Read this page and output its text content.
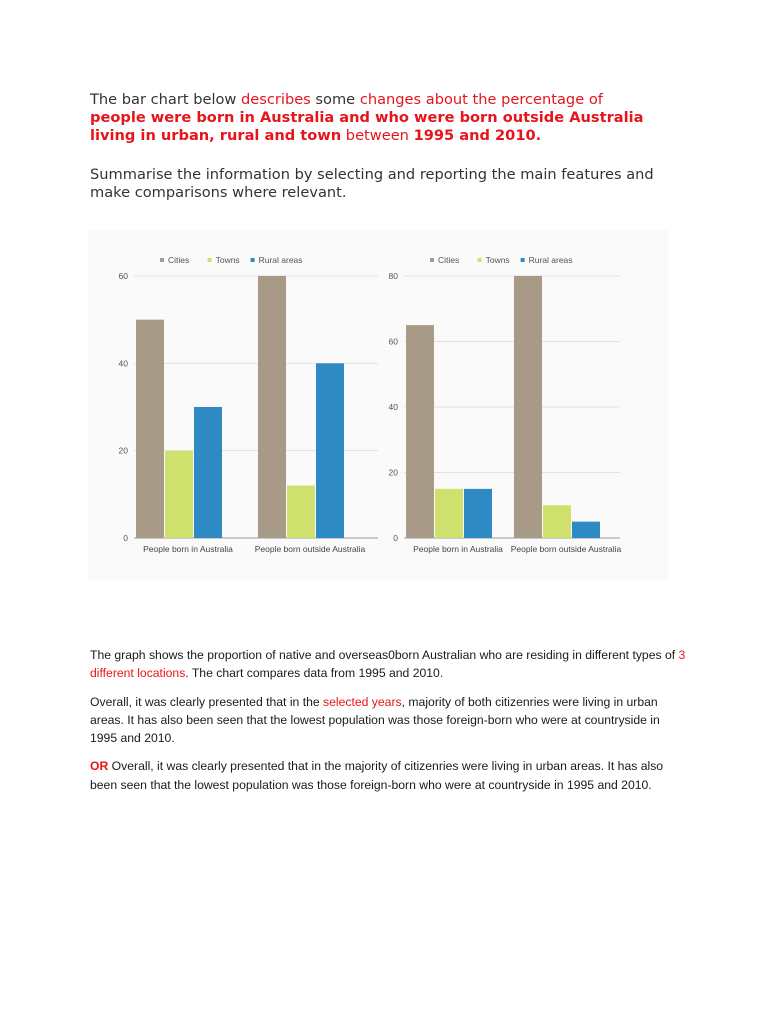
The bar chart below describes some changes about the percentage of
people were born in Australia and who were born outside Australia living in urban, rural and town between 1995 and 2010.
Summarise the information by selecting and reporting the main features and make comparisons where relevant.
0
20
40
60
Cities	Towns Rural areas
People born in Australia	People born outside Australia
0
20
40
60
80
Cities	Towns Rural areas
People born in Australia People born outside Australia

The graph shows the proportion of native and overseas0born Australian who are residing in different types of 3 different locations. The chart compares data from 1995 and 2010.

Overall, it was clearly presented that in the selected years, majority of both citizenries were living in urban areas. It has also been seen that the lowest population was those foreign-born who were at countryside in 1995 and 2010.

OR Overall, it was clearly presented that in the majority of citizenries were living in urban areas. It has also been seen that the lowest population was those foreign-born who were at countryside in 1995 and 2010.
